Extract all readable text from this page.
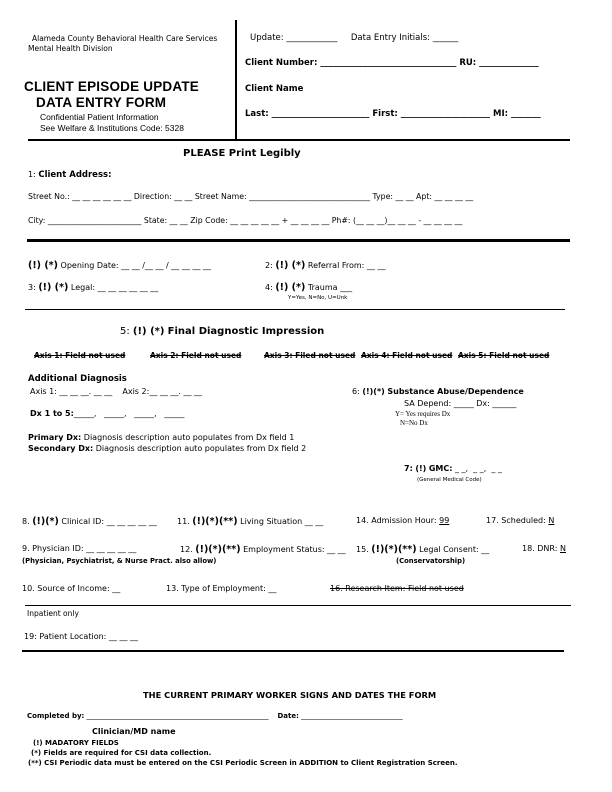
Alameda County Behavioral Health Care Services
Mental Health Division
CLIENT EPISODE UPDATE
DATA ENTRY FORM
Confidential Patient Information
See Welfare & Institutions Code: 5328
Update: ____________ Data Entry Initials: ______
Client Number: ________________________________ RU: ______________
Client Name
Last: _______________________ First: _____________________ MI: _______
PLEASE Print Legibly
1: Client Address:
Street No.: __ __ __ __ __ __ Direction: __ __ Street Name: _______________________________ Type: __ __ Apt: __ __ __ __
City: ________________________ State: __ __ Zip Code: __ __ __ __ __ + __ __ __ __ Ph#: (__ __ __)__ __ __ - __ __ __ __
(!) (*) Opening Date: __ __ /__ __ / __ __ __ __	2: (!) (*) Referral From: __ __
3: (!) (*) Legal: __ __ __ __ __ __	4: (!) (*) Trauma ___
Y=Yes, N=No, U=Unk
5: (!) (*) Final Diagnostic Impression
Axis 1: Field not used	Axis 2: Field not used	Axis 3: Filed not used Axis 4: Field not used Axis 5: Field not used
Additional Diagnosis
Axis 1: __ __ __. __ __ Axis 2:__ __ __. __ __
Dx 1 to 5:_____,   _____,   _____,   _____
Primary Dx: Diagnosis description auto populates from Dx field 1
Secondary Dx: Diagnosis description auto populates from Dx field 2
6: (!)(*) Substance Abuse/Dependence
SA Depend: _____ Dx: ______
Y= Yes requires Dx
N=No Dx
7: (!) GMC: _ _,  _ _,  _ _
(General Medical Code)
8. (!)(*) Clinical ID: __ __ __ __ __	11. (!)(*)(**) Living Situation __ __	14. Admission Hour: 99	17. Scheduled: N
9. Physician ID: __ __ __ __ __	12. (!)(*)(**) Employment Status: __ __ 15. (!)(*)(**) Legal Consent: __	18. DNR: N
(Physician, Psychiatrist, & Nurse Pract. also allow)	(Conservatorship)
10. Source of Income: __	13. Type of Employment: __	16. Research Item: Field not used
Inpatient only
19: Patient Location: __ __ __
THE CURRENT PRIMARY WORKER SIGNS AND DATES THE FORM
Completed by: ____________________________________________________ Date: _____________________________
Clinician/MD name
(!) MADATORY FIELDS
(*) Fields are required for CSI data collection.
(**) CSI Periodic data must be entered on the CSI Periodic Screen in ADDITION to Client Registration Screen.
